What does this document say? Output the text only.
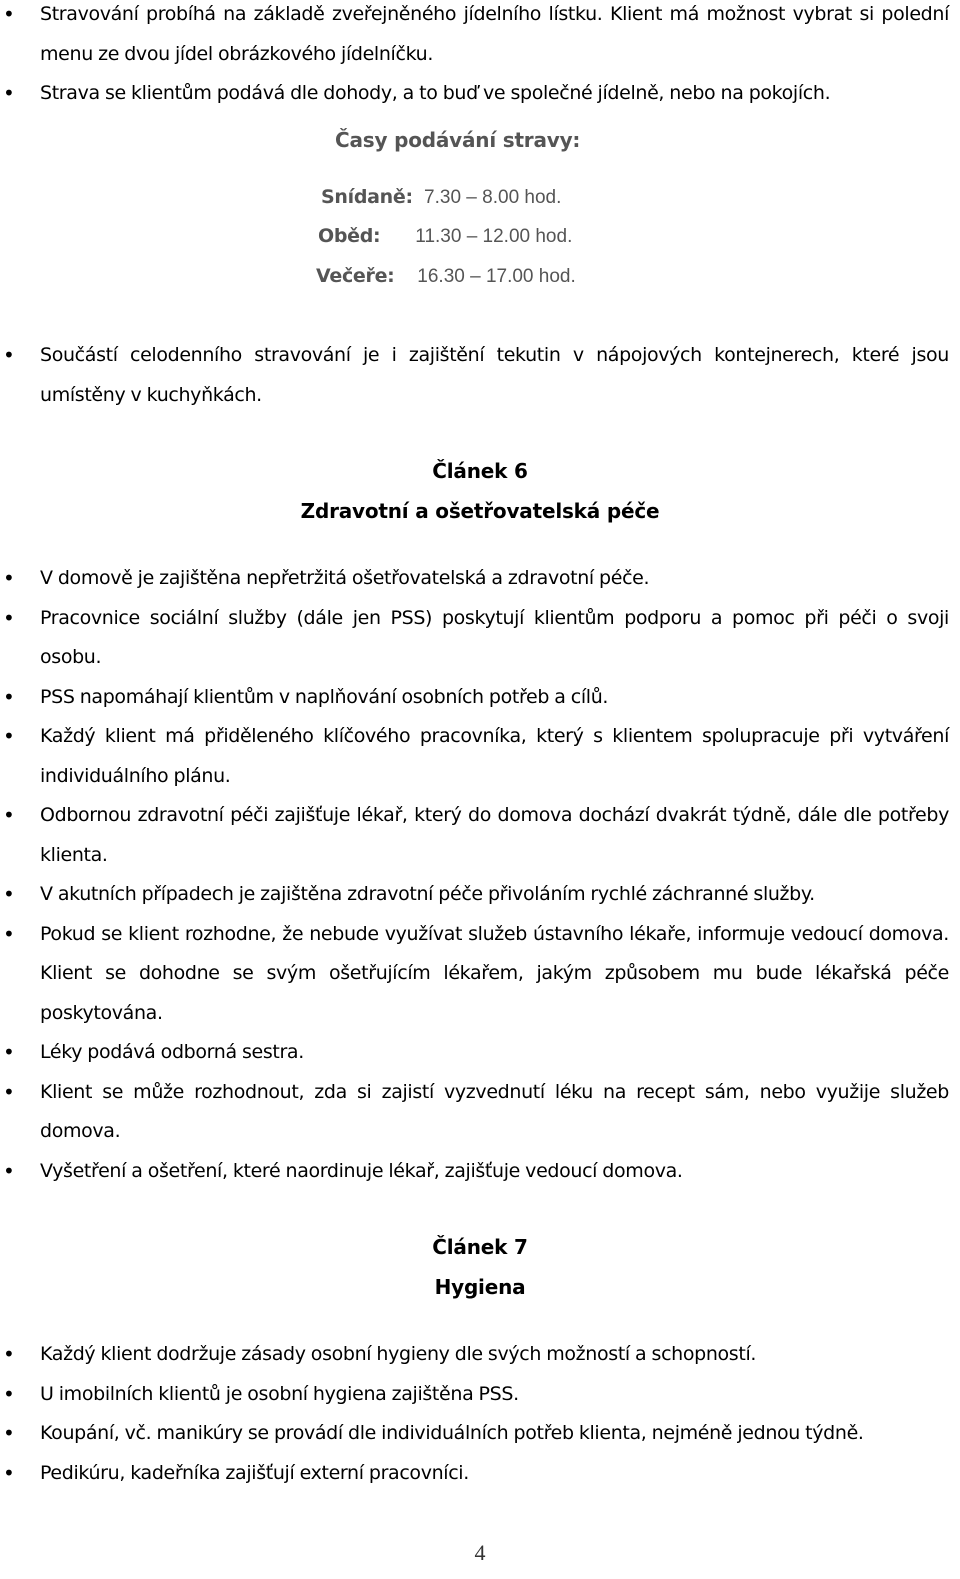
• Stravování probíhá na základě zveřejněného jídelního lístku. Klient má možnost vybrat si polední menu ze dvou jídel obrázkového jídelníčku.
• Strava se klientům podává dle dohody, a to buď ve společné jídelně, nebo na pokojích.
Časy podávání stravy:
Snídaně: 7.30 – 8.00 hod.
Oběd: 11.30 – 12.00 hod.
Večeře: 16.30 – 17.00 hod.
• Součástí celodenního stravování je i zajištění tekutin v nápojových kontejnerech, které jsou umístěny v kuchyňkách.
Článek 6
Zdravotní a ošetřovatelská péče
• V domově je zajištěna nepřetržitá ošetřovatelská a zdravotní péče.
• Pracovnice sociální služby (dále jen PSS) poskytují klientům podporu a pomoc při péči o svoji osobu.
• PSS napomáhají klientům v naplňování osobních potřeb a cílů.
• Každý klient má přiděleného klíčového pracovníka, který s klientem spolupracuje při vytváření individuálního plánu.
• Odbornou zdravotní péči zajišťuje lékař, který do domova dochází dvakrát týdně, dále dle potřeby klienta.
• V akutních případech je zajištěna zdravotní péče přivoláním rychlé záchranné služby.
• Pokud se klient rozhodne, že nebude využívat služeb ústavního lékaře, informuje vedoucí domova. Klient se dohodne se svým ošetřujícím lékařem, jakým způsobem mu bude lékařská péče poskytována.
• Léky podává odborná sestra.
• Klient se může rozhodnout, zda si zajistí vyzvednutí léku na recept sám, nebo využije služeb domova.
• Vyšetření a ošetření, které naordinuje lékař, zajišťuje vedoucí domova.
Článek 7
Hygiena
• Každý klient dodržuje zásady osobní hygieny dle svých možností a schopností.
• U imobilních klientů je osobní hygiena zajištěna PSS.
• Koupání, vč. manikúry se provádí dle individuálních potřeb klienta, nejméně jednou týdně.
• Pedikúru, kadeřníka zajišťují externí pracovníci.
4
